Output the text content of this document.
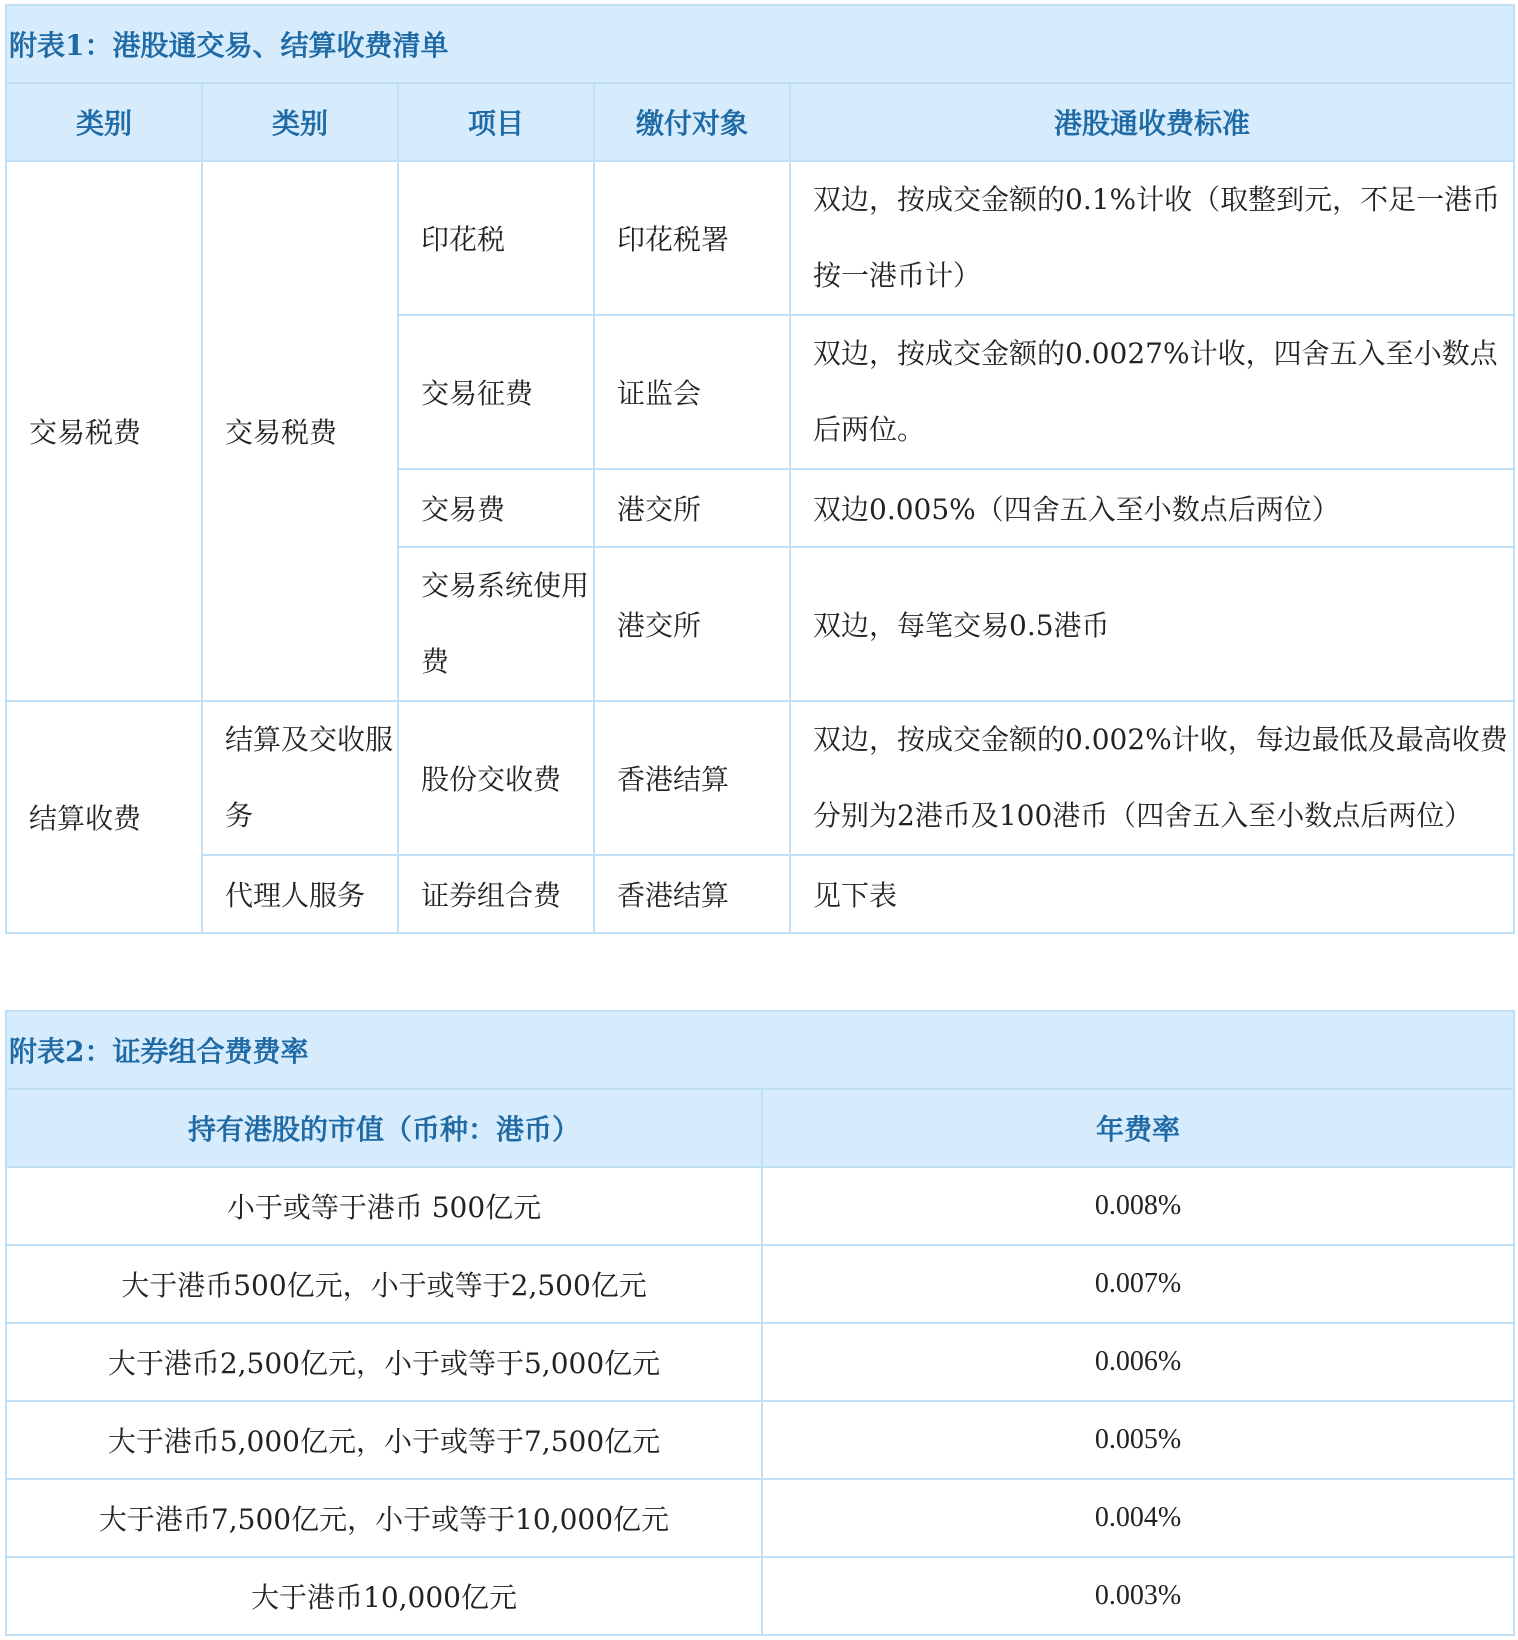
附表1：港股通交易、结算收费清单				
类别	类别	项目	缴付对象	港股通收费标准
交易税费	交易税费	印花税	印花税署	双边，按成交金额的0.1%计收（取整到元，不足一港币按一港币计）
		交易征费	证监会	双边，按成交金额的0.0027%计收，四舍五入至小数点后两位。
		交易费	港交所	双边0.005%（四舍五入至小数点后两位）
		交易系统使用费	港交所	双边，每笔交易0.5港币
结算收费	结算及交收服务	股份交收费	香港结算	双边，按成交金额的0.002%计收，每边最低及最高收费分别为2港币及100港币（四舍五入至小数点后两位）
	代理人服务	证券组合费	香港结算	见下表
附表2：证券组合费费率	
持有港股的市值（币种：港币）	年费率
小于或等于港币 500亿元	0.008%
大于港币500亿元，小于或等于2,500亿元	0.007%
大于港币2,500亿元，小于或等于5,000亿元	0.006%
大于港币5,000亿元，小于或等于7,500亿元	0.005%
大于港币7,500亿元，小于或等于10,000亿元	0.004%
大于港币10,000亿元	0.003%
